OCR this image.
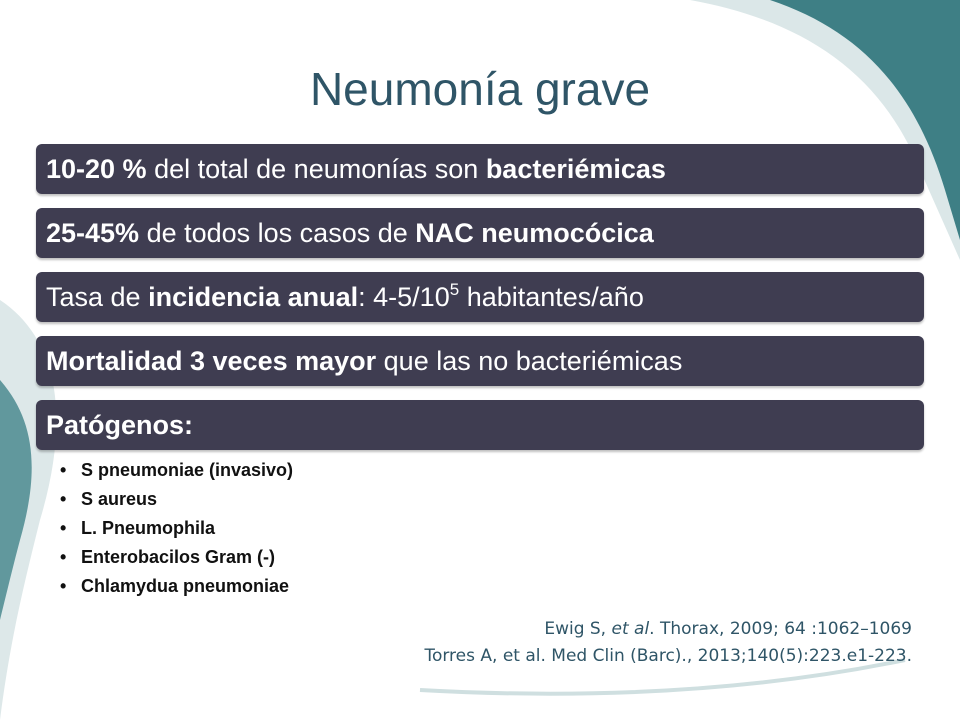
Neumonía grave
10-20 % del total de neumonías son bacteriémicas
25-45% de todos los casos de NAC neumocócica
Tasa de incidencia anual: $4-5/10^5$ habitantes/año
Mortalidad 3 veces mayor que las no bacteriémicas
Patógenos:
• S pneumoniae (invasivo)
• S aureus
• L. Pneumophila
• Enterobacilos Gram (-)
• Chlamydua pneumoniae
Ewig S, et al. Thorax, 2009; 64 :1062–1069
Torres A, et al. Med Clin (Barc)., 2013;140(5):223.e1-223.
